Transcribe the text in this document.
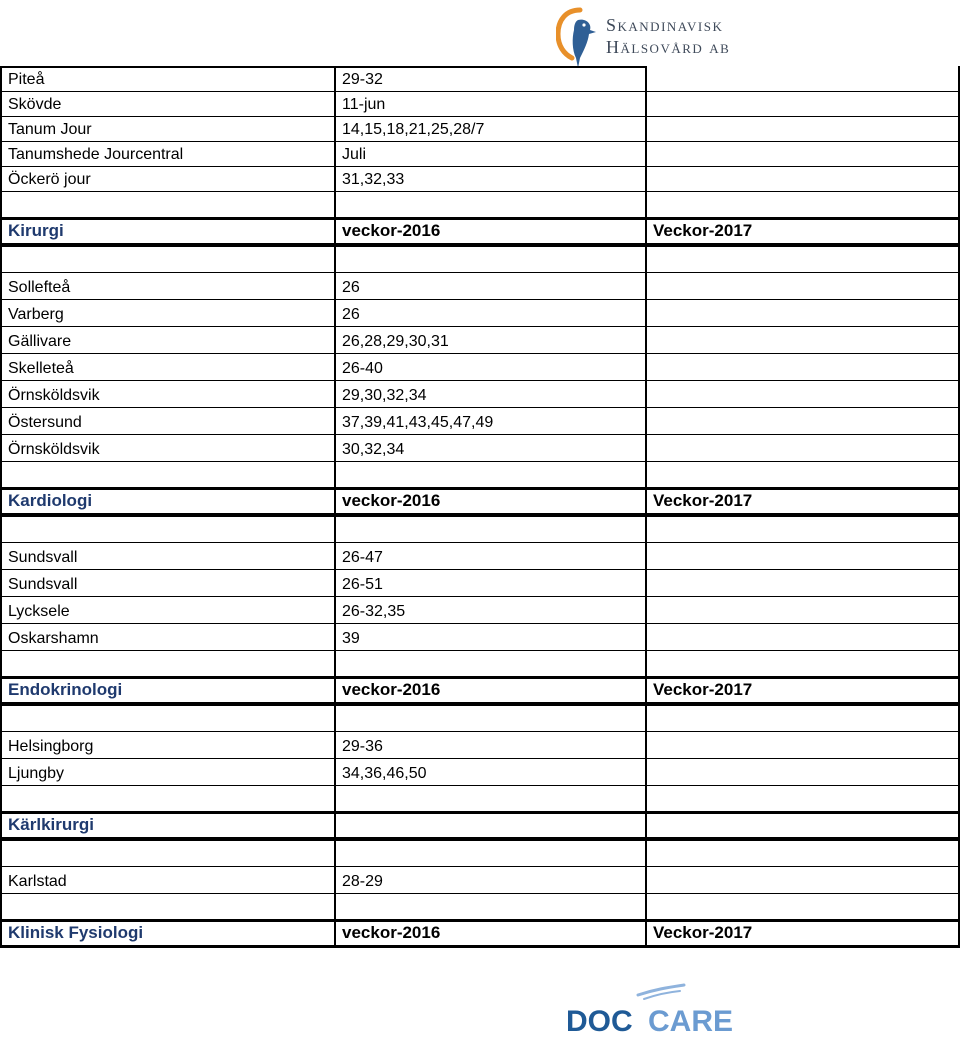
Skandinavisk
Hälsovård ab
Piteå	29-32
Skövde	11-jun
Tanum Jour	14,15,18,21,25,28/7
Tanumshede Jourcentral	Juli
Öckerö jour	31,32,33
Kirurgi	veckor-2016	Veckor-2017
Sollefteå	26
Varberg	26
Gällivare	26,28,29,30,31
Skelleteå	26-40
Örnsköldsvik	29,30,32,34
Östersund	37,39,41,43,45,47,49
Örnsköldsvik	30,32,34
Kardiologi	veckor-2016	Veckor-2017
Sundsvall	26-47
Sundsvall	26-51
Lycksele	26-32,35
Oskarshamn	39
Endokrinologi	veckor-2016	Veckor-2017
Helsingborg	29-36
Ljungby	34,36,46,50
Kärlkirurgi
Karlstad	28-29
Klinisk Fysiologi	veckor-2016	Veckor-2017
DOC CARE
